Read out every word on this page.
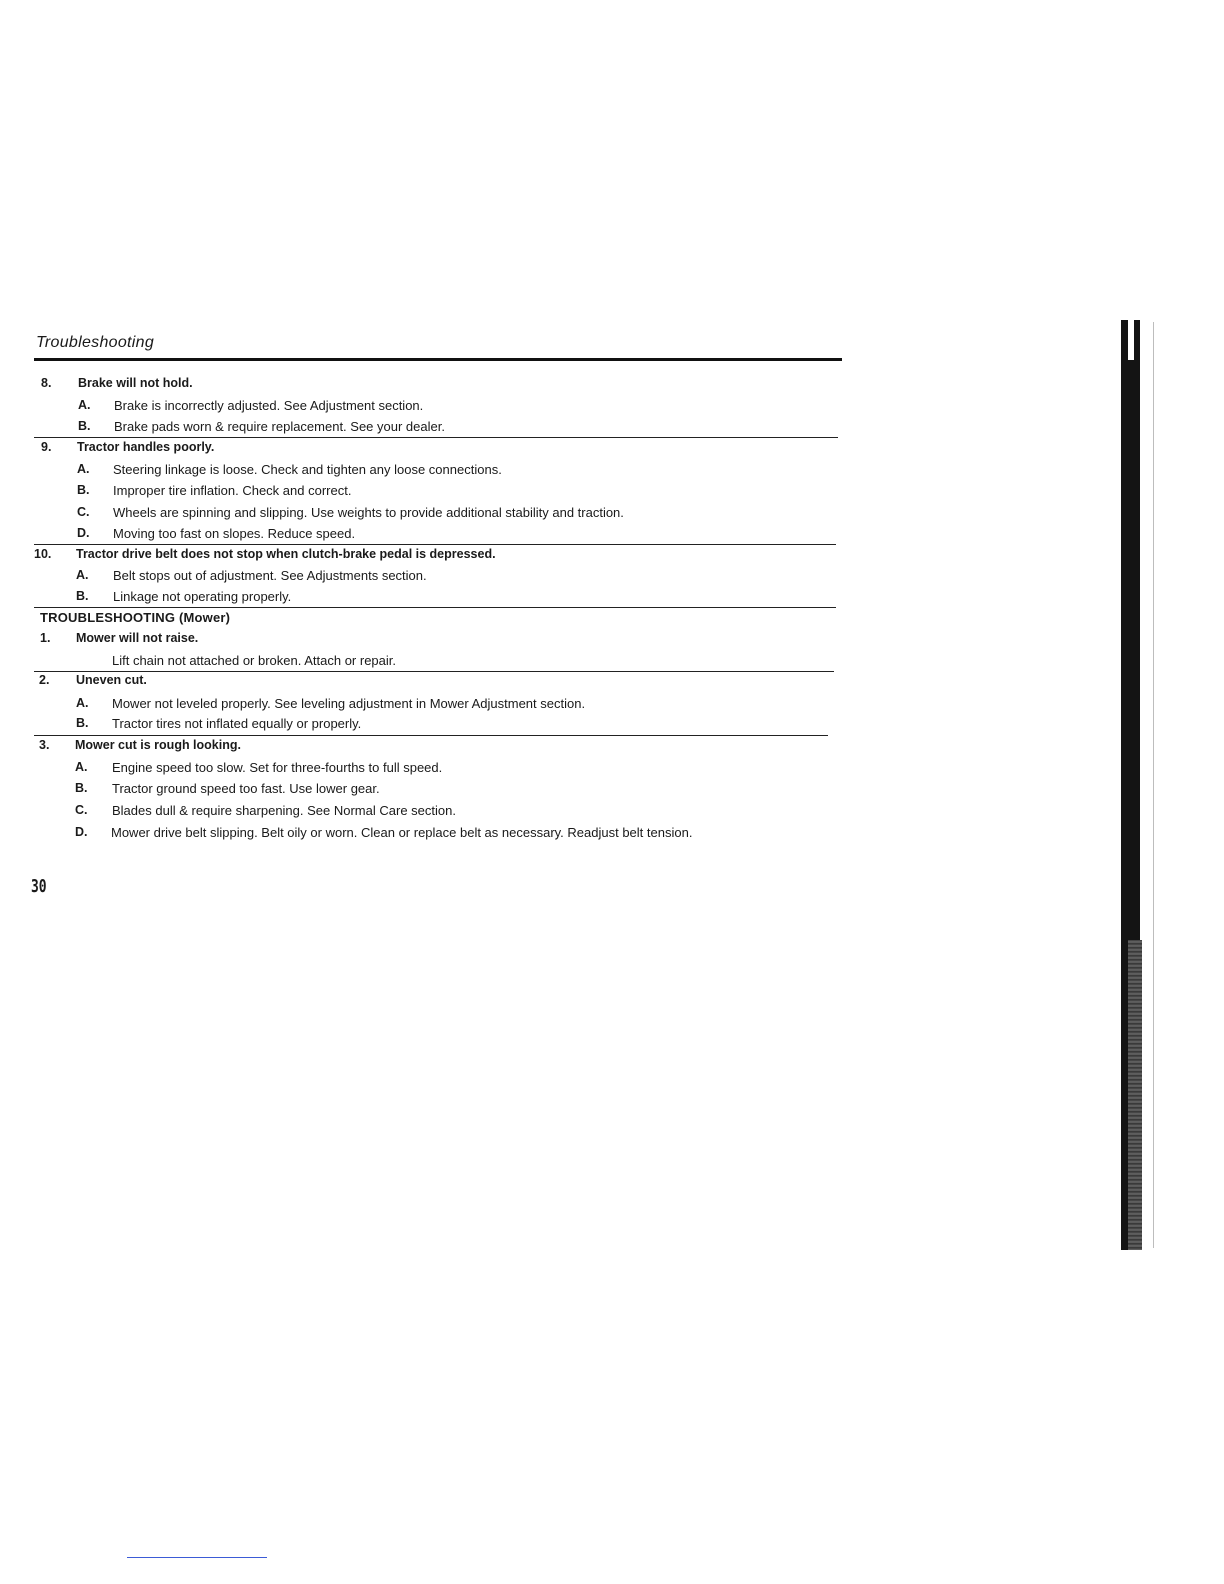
Troubleshooting
8. Brake will not hold.
A. Brake is incorrectly adjusted. See Adjustment section.
B. Brake pads worn & require replacement. See your dealer.
9. Tractor handles poorly.
A. Steering linkage is loose. Check and tighten any loose connections.
B. Improper tire inflation. Check and correct.
C. Wheels are spinning and slipping. Use weights to provide additional stability and traction.
D. Moving too fast on slopes. Reduce speed.
10. Tractor drive belt does not stop when clutch-brake pedal is depressed.
A. Belt stops out of adjustment. See Adjustments section.
B. Linkage not operating properly.
TROUBLESHOOTING (Mower)
1. Mower will not raise.
Lift chain not attached or broken. Attach or repair.
2. Uneven cut.
A. Mower not leveled properly. See leveling adjustment in Mower Adjustment section.
B. Tractor tires not inflated equally or properly.
3. Mower cut is rough looking.
A. Engine speed too slow. Set for three-fourths to full speed.
B. Tractor ground speed too fast. Use lower gear.
C. Blades dull & require sharpening. See Normal Care section.
D. Mower drive belt slipping. Belt oily or worn. Clean or replace belt as necessary. Readjust belt tension.
30
